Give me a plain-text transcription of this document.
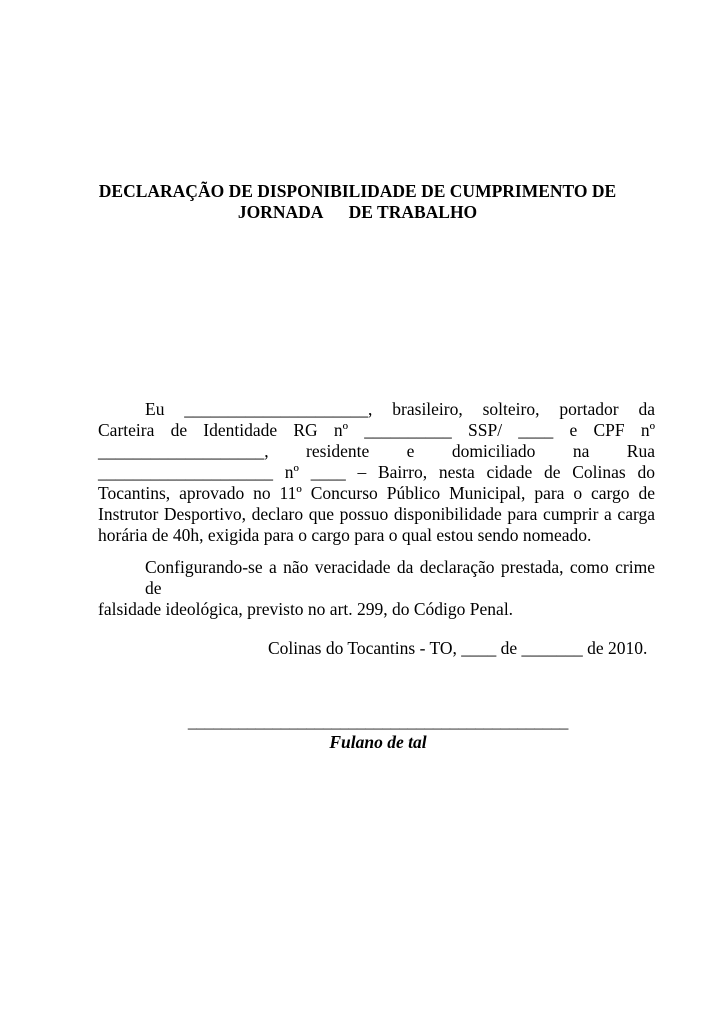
DECLARAÇÃO DE DISPONIBILIDADE DE CUMPRIMENTO DE
JORNADA      DE TRABALHO
Eu _____________________, brasileiro, solteiro, portador da
Carteira de Identidade RG nº __________ SSP/ ____ e CPF nº
___________________, residente e domiciliado na Rua
____________________ nº ____ – Bairro, nesta cidade de Colinas do
Tocantins, aprovado no 11º Concurso Público Municipal, para o cargo de
Instrutor Desportivo, declaro que possuo disponibilidade para cumprir a carga
horária de 40h, exigida para o cargo para o qual estou sendo nomeado.
Configurando-se a não veracidade da declaração prestada, como crime de
falsidade ideológica, previsto no art. 299, do Código Penal.
Colinas do Tocantins - TO, ____ de _______ de 2010.
_____________________________________________
Fulano de tal
